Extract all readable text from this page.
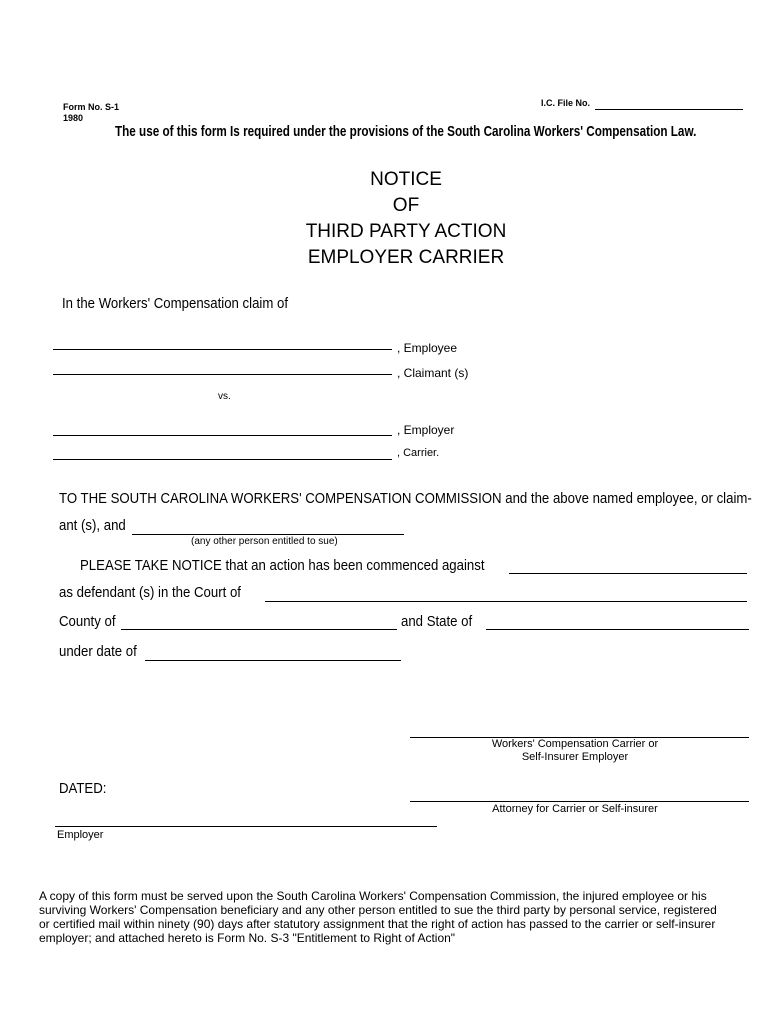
Form No. S-1
1980
I.C. File No.
The use of this form Is required under the provisions of the South Carolina Workers' Compensation Law.
NOTICE
OF
THIRD PARTY ACTION
EMPLOYER CARRIER
In the Workers' Compensation claim of
, Employee
, Claimant (s)
vs.
, Employer
, Carrier.
TO THE SOUTH CAROLINA WORKERS' COMPENSATION COMMISSION and the above named employee, or claim-
ant (s), and
(any other person entitled to sue)
PLEASE TAKE NOTICE that an action has been commenced against
as defendant (s) in the Court of
County of	and State of
under date of
Workers' Compensation Carrier or
Self-Insurer Employer
DATED:
Attorney for Carrier or Self-insurer
Employer
A copy of this form must be served upon the South Carolina Workers' Compensation Commission, the injured employee or his
surviving Workers' Compensation beneficiary and any other person entitled to sue the third party by personal service, registered
or certified mail within ninety (90) days after statutory assignment that the right of action has passed to the carrier or self-insurer
employer; and attached hereto is Form No. S-3 "Entitlement to Right of Action"
